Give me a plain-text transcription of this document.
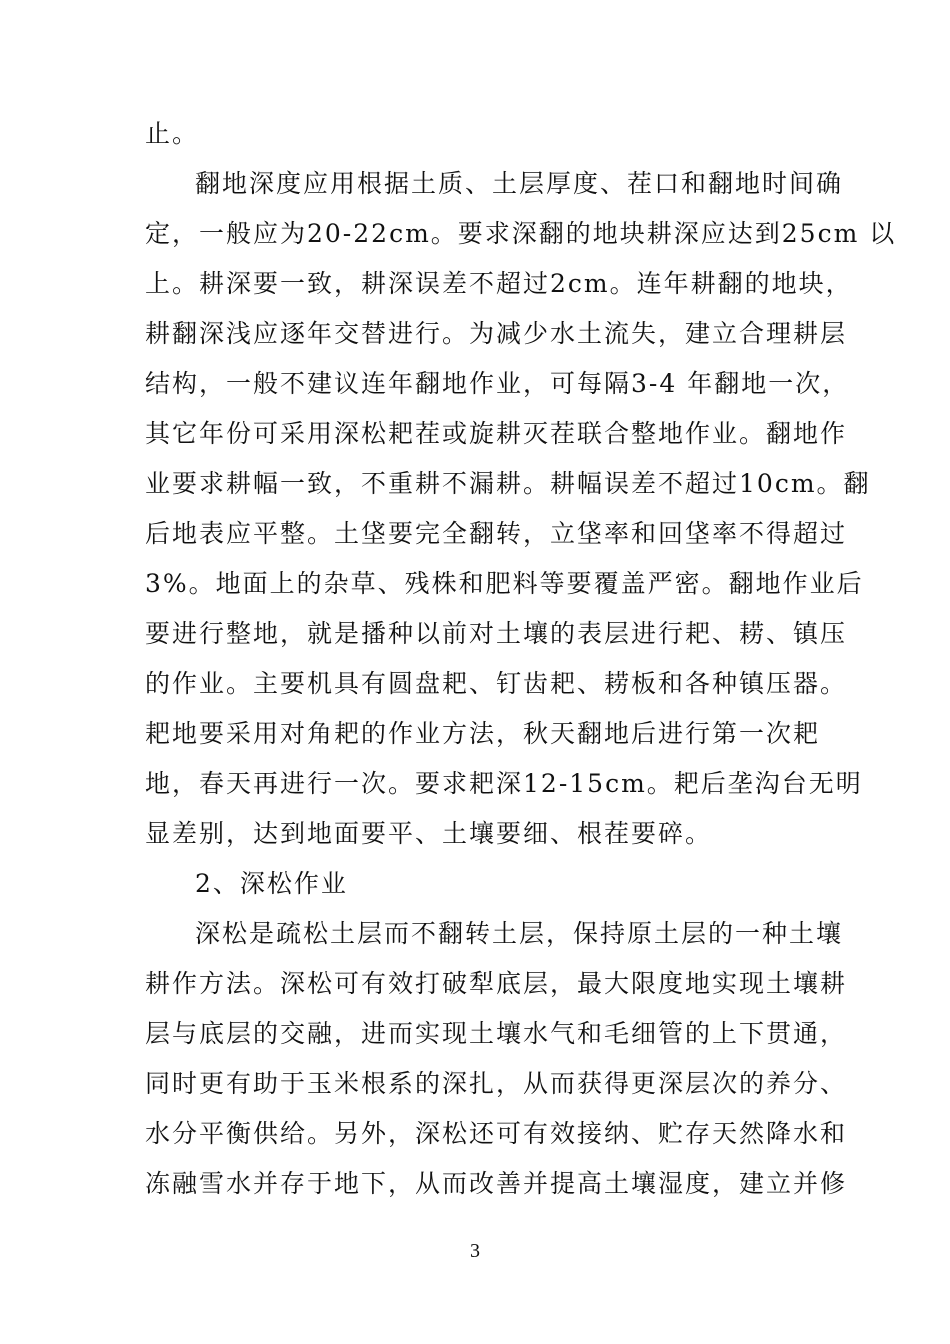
止。
翻地深度应用根据土质、土层厚度、茬口和翻地时间确
定，一般应为20-22cm。要求深翻的地块耕深应达到25cm 以
上。耕深要一致，耕深误差不超过2cm。连年耕翻的地块，
耕翻深浅应逐年交替进行。为减少水土流失，建立合理耕层
结构，一般不建议连年翻地作业，可每隔3-4 年翻地一次，
其它年份可采用深松耙茬或旋耕灭茬联合整地作业。翻地作
业要求耕幅一致，不重耕不漏耕。耕幅误差不超过10cm。翻
后地表应平整。土垡要完全翻转，立垡率和回垡率不得超过
3%。地面上的杂草、残株和肥料等要覆盖严密。翻地作业后
要进行整地，就是播种以前对土壤的表层进行耙、耢、镇压
的作业。主要机具有圆盘耙、钉齿耙、耢板和各种镇压器。
耙地要采用对角耙的作业方法，秋天翻地后进行第一次耙
地，春天再进行一次。要求耙深12-15cm。耙后垄沟台无明
显差别，达到地面要平、土壤要细、根茬要碎。
2、深松作业
深松是疏松土层而不翻转土层，保持原土层的一种土壤
耕作方法。深松可有效打破犁底层，最大限度地实现土壤耕
层与底层的交融，进而实现土壤水气和毛细管的上下贯通，
同时更有助于玉米根系的深扎，从而获得更深层次的养分、
水分平衡供给。另外，深松还可有效接纳、贮存天然降水和
冻融雪水并存于地下，从而改善并提高土壤湿度，建立并修
3
